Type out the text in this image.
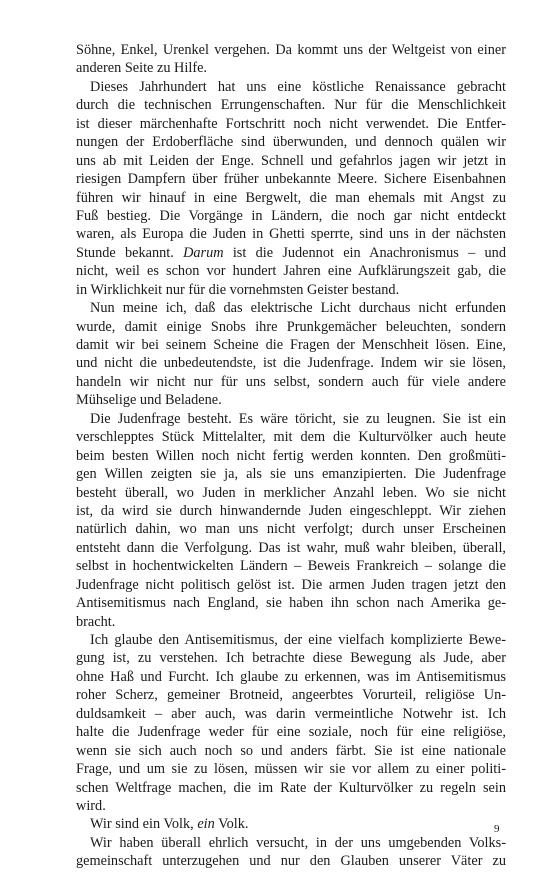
Söhne, Enkel, Urenkel vergehen. Da kommt uns der Weltgeist von einer
anderen Seite zu Hilfe.
Dieses Jahrhundert hat uns eine köstliche Renaissance gebracht
durch die technischen Errungenschaften. Nur für die Menschlichkeit
ist dieser märchenhafte Fortschritt noch nicht verwendet. Die Entfer-
nungen der Erdoberfläche sind überwunden, und dennoch quälen wir
uns ab mit Leiden der Enge. Schnell und gefahrlos jagen wir jetzt in
riesigen Dampfern über früher unbekannte Meere. Sichere Eisenbahnen
führen wir hinauf in eine Bergwelt, die man ehemals mit Angst zu
Fuß bestieg. Die Vorgänge in Ländern, die noch gar nicht entdeckt
waren, als Europa die Juden in Ghetti sperrte, sind uns in der nächsten
Stunde bekannt. Darum ist die Judennot ein Anachronismus – und
nicht, weil es schon vor hundert Jahren eine Aufklärungszeit gab, die
in Wirklichkeit nur für die vornehmsten Geister bestand.
Nun meine ich, daß das elektrische Licht durchaus nicht erfunden
wurde, damit einige Snobs ihre Prunkgemächer beleuchten, sondern
damit wir bei seinem Scheine die Fragen der Menschheit lösen. Eine,
und nicht die unbedeutendste, ist die Judenfrage. Indem wir sie lösen,
handeln wir nicht nur für uns selbst, sondern auch für viele andere
Mühselige und Beladene.
Die Judenfrage besteht. Es wäre töricht, sie zu leugnen. Sie ist ein
verschlepptes Stück Mittelalter, mit dem die Kulturvölker auch heute
beim besten Willen noch nicht fertig werden konnten. Den großmüti-
gen Willen zeigten sie ja, als sie uns emanzipierten. Die Judenfrage
besteht überall, wo Juden in merklicher Anzahl leben. Wo sie nicht
ist, da wird sie durch hinwandernde Juden eingeschleppt. Wir ziehen
natürlich dahin, wo man uns nicht verfolgt; durch unser Erscheinen
entsteht dann die Verfolgung. Das ist wahr, muß wahr bleiben, überall,
selbst in hochentwickelten Ländern – Beweis Frankreich – solange die
Judenfrage nicht politisch gelöst ist. Die armen Juden tragen jetzt den
Antisemitismus nach England, sie haben ihn schon nach Amerika ge-
bracht.
Ich glaube den Antisemitismus, der eine vielfach komplizierte Bewe-
gung ist, zu verstehen. Ich betrachte diese Bewegung als Jude, aber
ohne Haß und Furcht. Ich glaube zu erkennen, was im Antisemitismus
roher Scherz, gemeiner Brotneid, angeerbtes Vorurteil, religiöse Un-
duldsamkeit – aber auch, was darin vermeintliche Notwehr ist. Ich
halte die Judenfrage weder für eine soziale, noch für eine religiöse,
wenn sie sich auch noch so und anders färbt. Sie ist eine nationale
Frage, und um sie zu lösen, müssen wir sie vor allem zu einer politi-
schen Weltfrage machen, die im Rate der Kulturvölker zu regeln sein
wird.
Wir sind ein Volk, ein Volk.
Wir haben überall ehrlich versucht, in der uns umgebenden Volks-
gemeinschaft unterzugehen und nur den Glauben unserer Väter zu
9
